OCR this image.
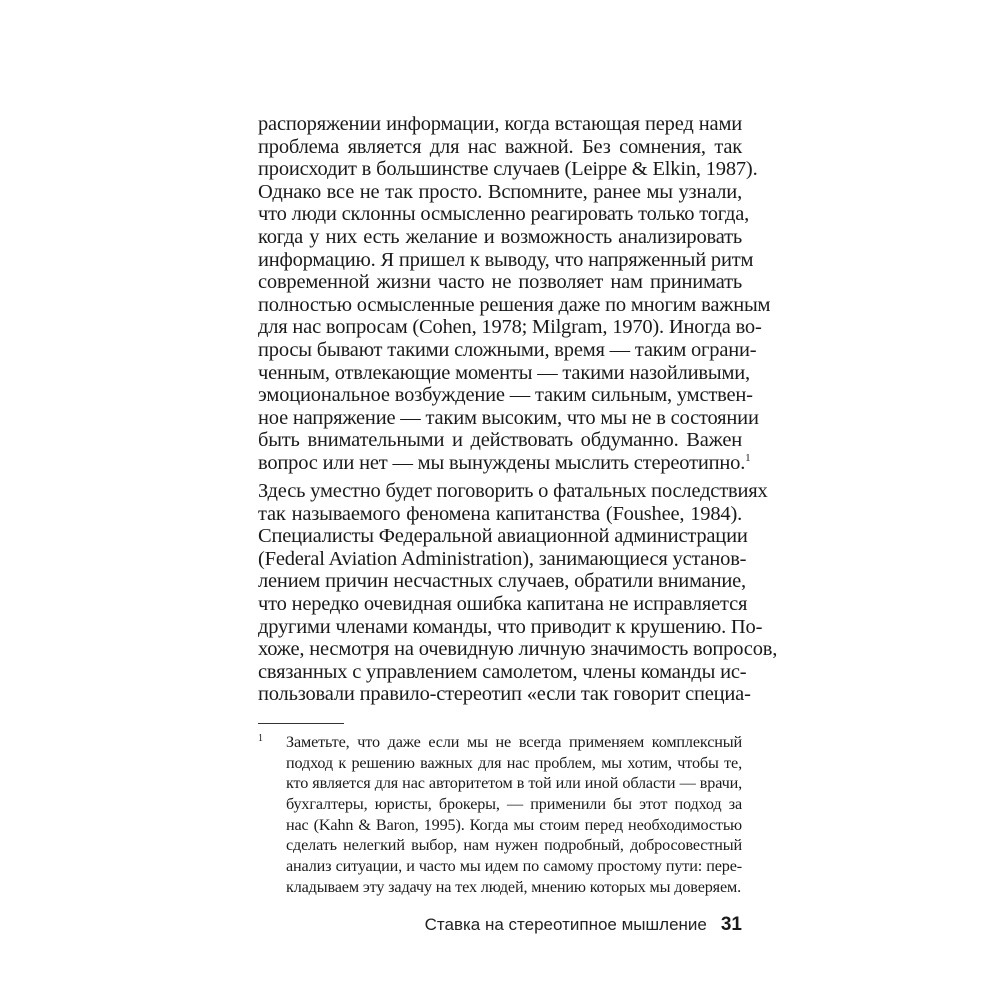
распоряжении информации, когда встающая перед нами
проблема является для нас важной. Без сомнения, так
происходит в большинстве случаев (Leippe & Elkin, 1987).
Однако все не так просто. Вспомните, ранее мы узнали,
что люди склонны осмысленно реагировать только тогда,
когда у них есть желание и возможность анализировать
информацию. Я пришел к выводу, что напряженный ритм
современной жизни часто не позволяет нам принимать
полностью осмысленные решения даже по многим важным
для нас вопросам (Cohen, 1978; Milgram, 1970). Иногда во-
просы бывают такими сложными, время — таким ограни-
ченным, отвлекающие моменты — такими назойливыми,
эмоциональное возбуждение — таким сильным, умствен-
ное напряжение — таким высоким, что мы не в состоянии
быть внимательными и действовать обдуманно. Важен
вопрос или нет — мы вынуждены мыслить стереотипно.$^1$
Здесь уместно будет поговорить о фатальных последствиях
так называемого феномена капитанства (Foushee, 1984).
Специалисты Федеральной авиационной администрации
(Federal Aviation Administration), занимающиеся установ-
лением причин несчастных случаев, обратили внимание,
что нередко очевидная ошибка капитана не исправляется
другими членами команды, что приводит к крушению. По-
хоже, несмотря на очевидную личную значимость вопросов,
связанных с управлением самолетом, члены команды ис-
пользовали правило-стереотип «если так говорит специа-
1 Заметьте, что даже если мы не всегда применяем комплексный
подход к решению важных для нас проблем, мы хотим, чтобы те,
кто является для нас авторитетом в той или иной области — врачи,
бухгалтеры, юристы, брокеры, — применили бы этот подход за
нас (Kahn & Baron, 1995). Когда мы стоим перед необходимостью
сделать нелегкий выбор, нам нужен подробный, добросовестный
анализ ситуации, и часто мы идем по самому простому пути: пере-
кладываем эту задачу на тех людей, мнению которых мы доверяем.
Ставка на стереотипное мышление 31
